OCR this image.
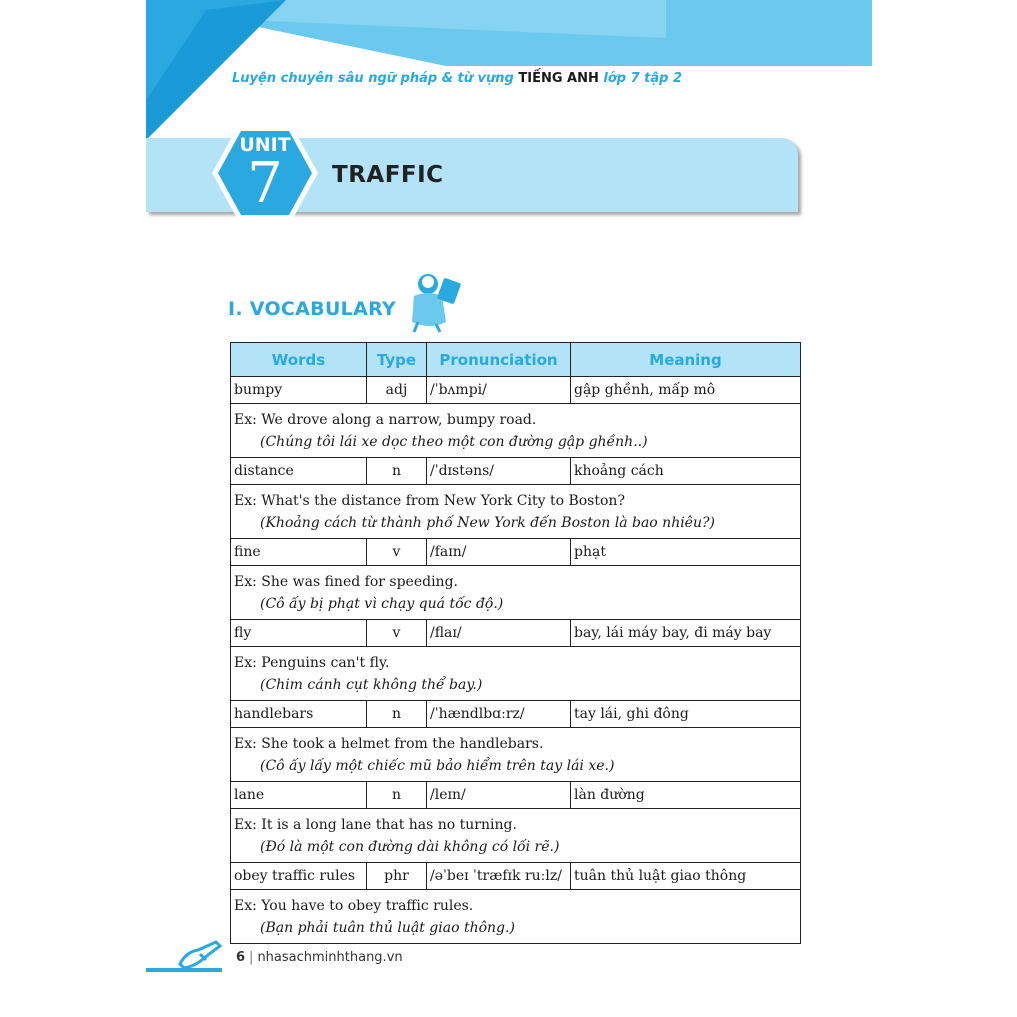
Luyện chuyên sâu ngữ pháp & từ vựng TIẾNG ANH lớp 7 tập 2
UNIT
7	TRAFFIC
I. VOCABULARY
Words	Type	Pronunciation	Meaning
bumpy	adj	/ˈbʌmpi/	gập ghềnh, mấp mô
Ex: We drove along a narrow, bumpy road.
(Chúng tôi lái xe dọc theo một con đường gập ghềnh..)			

distance	n	/ˈdɪstəns/	khoảng cách
Ex: What's the distance from New York City to Boston?
(Khoảng cách từ thành phố New York đến Boston là bao nhiêu?)			

fine	v	/faɪn/	phạt
Ex: She was fined for speeding.
(Cô ấy bị phạt vì chạy quá tốc độ.)			

fly	v	/flaɪ/	bay, lái máy bay, đi máy bay
Ex: Penguins can't fly.
(Chim cánh cụt không thể bay.)			

handlebars	n	/ˈhændlbɑːrz/	tay lái, ghi đông
Ex: She took a helmet from the handlebars.
(Cô ấy lấy một chiếc mũ bảo hiểm trên tay lái xe.)			

lane	n	/leɪn/	làn đường
Ex: It is a long lane that has no turning.
(Đó là một con đường dài không có lối rẽ.)			

obey traffic rules	phr	/əˈbeɪ ˈtræfɪk ruːlz/	tuân thủ luật giao thông
Ex: You have to obey traffic rules.
(Bạn phải tuân thủ luật giao thông.)			
6 | nhasachminhthang.vn
